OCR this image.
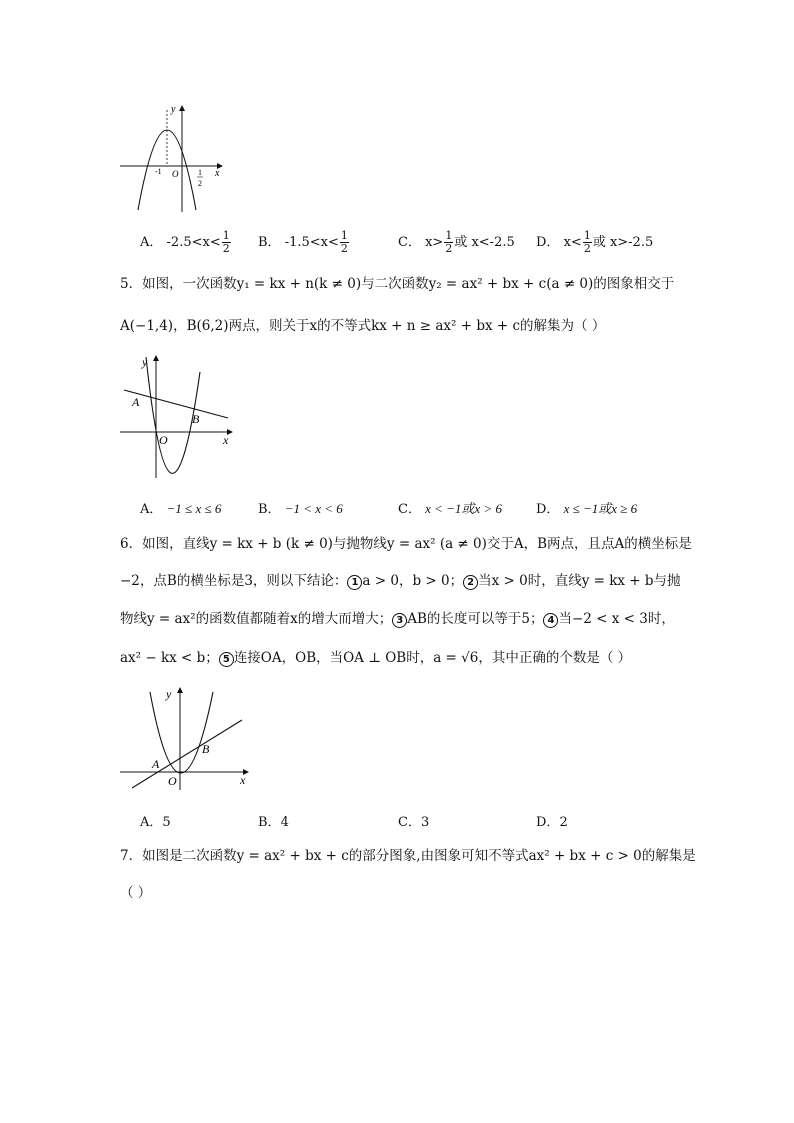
y
x
O
-1	1
2
A． $-2.5<x< \frac{1}{2}$ B． $-1.5<x< \frac{1}{2}$	C． $x> \frac{1}{2}$ 或 x<-2.5 D． $x< \frac{1}{2}$ 或 x>-2.5
5．如图，一次函数y₁ = kx + n(k ≠ 0)与二次函数y₂ = ax² + bx + c(a ≠ 0)的图象相交于
A(−1,4)，B(6,2)两点，则关于x的不等式kx + n ≥ ax² + bx + c的解集为（ ）
y
x
O
A
B
A． −1 ≤ x ≤ 6	B． −1 < x < 6	C． x < −1或x > 6	D． x ≤ −1或x ≥ 6
6．如图，直线y = kx + b (k ≠ 0)与抛物线y = ax² (a ≠ 0)交于A，B两点，且点A的横坐标是
−2，点B的横坐标是3，则以下结论： 1 a > 0，b > 0； 2 当x > 0时，直线y = kx + b与抛
物线y = ax²的函数值都随着x的增大而增大； 3 AB的长度可以等于5； 4 当−2 < x < 3时，
ax² − kx < b； 5 连接OA，OB，当OA ⊥ OB时，a = √6，其中正确的个数是（ ）
y
x
O
A
B
A．5	B．4	C．3	D．2
7．如图是二次函数y = ax² + bx + c的部分图象,由图象可知不等式ax² + bx + c > 0的解集是
（ ）
